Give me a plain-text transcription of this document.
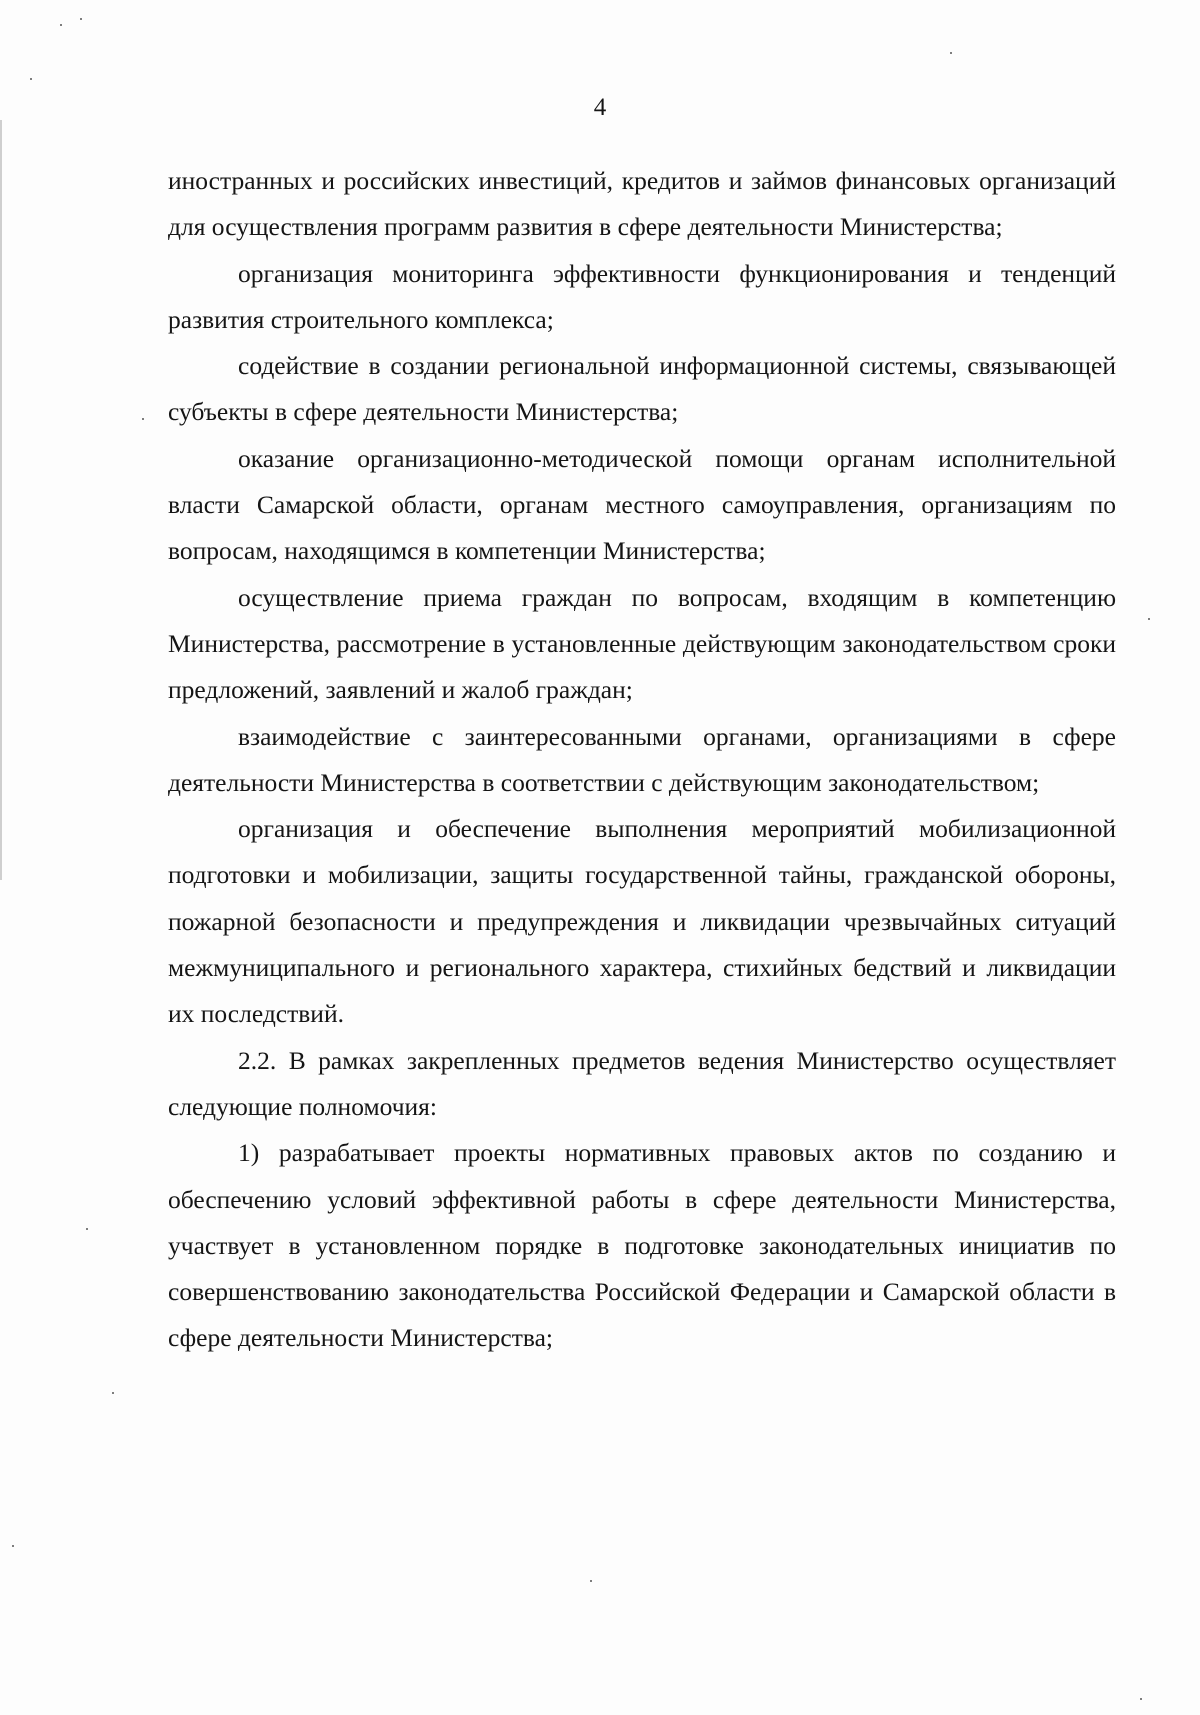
4

иностранных и российских инвестиций, кредитов и займов финансовых организаций для осуществления программ развития в сфере деятельности Министерства;

организация мониторинга эффективности функционирования и тенденций развития строительного комплекса;

содействие в создании региональной информационной системы, связывающей субъекты в сфере деятельности Министерства;

оказание организационно-методической помощи органам исполнительной власти Самарской области, органам местного самоуправления, организациям по вопросам, находящимся в компетенции Министерства;

осуществление приема граждан по вопросам, входящим в компетенцию Министерства, рассмотрение в установленные действующим законодательством сроки предложений, заявлений и жалоб граждан;

взаимодействие с заинтересованными органами, организациями в сфере деятельности Министерства в соответствии с действующим законодательством;

организация и обеспечение выполнения мероприятий мобилизационной подготовки и мобилизации, защиты государственной тайны, гражданской обороны, пожарной безопасности и предупреждения и ликвидации чрезвычайных ситуаций межмуниципального и регионального характера, стихийных бедствий и ликвидации их последствий.

2.2. В рамках закрепленных предметов ведения Министерство осуществляет следующие полномочия:

1) разрабатывает проекты нормативных правовых актов по созданию и обеспечению условий эффективной работы в сфере деятельности Министерства, участвует в установленном порядке в подготовке законодательных инициатив по совершенствованию законодательства Российской Федерации и Самарской области в сфере деятельности Министерства;
